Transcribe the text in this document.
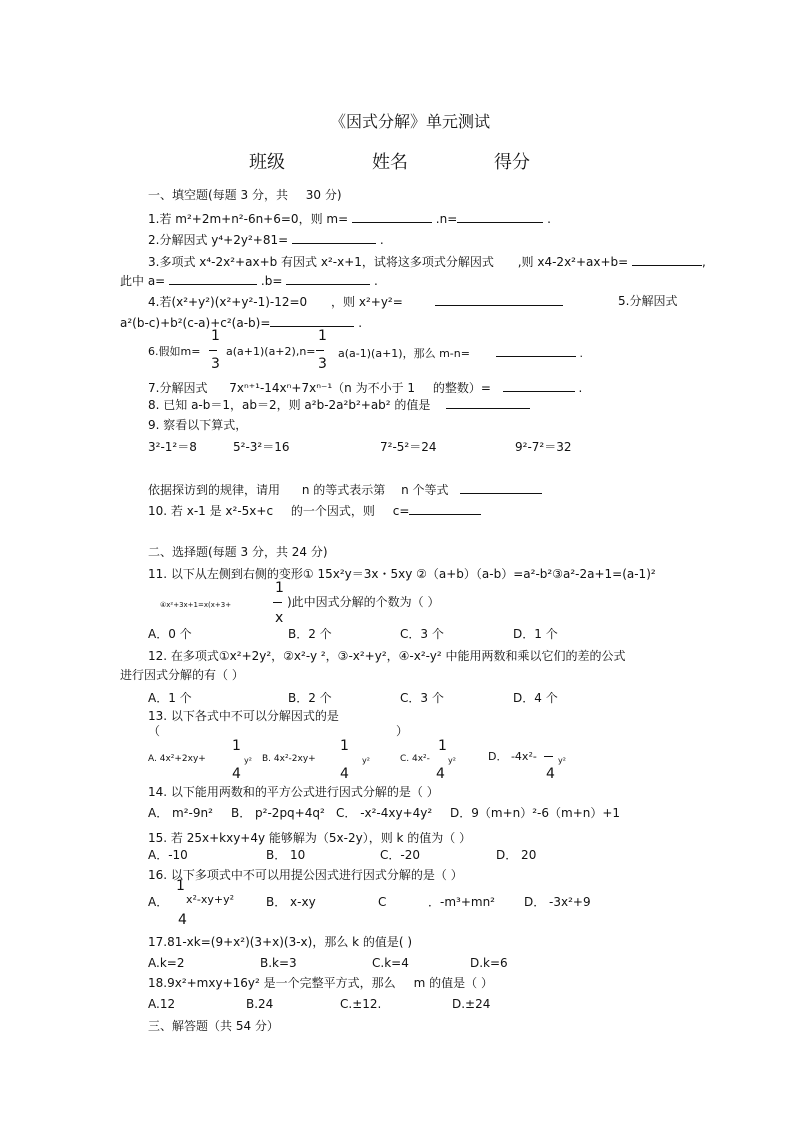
《因式分解》单元测试
班级	姓名	得分
一、填空题(每题 3 分，共 30 分)
1.若 m²+2m+n²-6n+6=0，则 m=	.n=	.
2.分解因式 y⁴+2y²+81=	.
3.多项式 x⁴-2x²+ax+b 有因式 x²-x+1，试将这多项式分解因式 ,则 x4-2x²+ax+b=	,
此中 a=	.b=	.
4.若(x²+y²)(x²+y²-1)-12=0 ，则 x²+y²=	5.分解因式
a²(b-c)+b²(c-a)+c²(a-b)=	.
6.假如m=
1
3
a(a+1)(a+2),n=
1
3
a(a-1)(a+1)，那么 m-n=	.
7.分解因式 7xⁿ⁺¹-14xⁿ+7xⁿ⁻¹（n 为不小于 1 的整数）=	.
8. 已知 a-b＝1，ab＝2，则 a²b-2a²b²+ab² 的值是
9. 察看以下算式，
3²-1²＝8	5²-3²＝16	7²-5²＝24	9²-7²＝32
依据探访到的规律，请用 n 的等式表示第 n 个等式
10. 若 x-1 是 x²-5x+c 的一个因式，则 c=
二、选择题(每题 3 分，共 24 分)
11. 以下从左侧到右侧的变形① 15x²y＝3x・5xy ②（a+b）（a-b）=a²-b²③a²-2a+1=(a-1)²
④x²+3x+1=x(x+3+
1
x
)此中因式分解的个数为（ ）
A．0 个	B．2 个	C．3 个	D．1 个
12. 在多项式①x²+2y²，②x²-y ²，③-x²+y²，④-x²-y² 中能用两数和乘以它们的差的公式
进行因式分解的有（ ）
A．1 个	B．2 个	C．3 个	D．4 个
13. 以下各式中不可以分解因式的是
（	）
A. 4x²+2xy+
1
4
y² B. 4x²-2xy+
1
4
y²	C. 4x²-
1
4
y²	D． -4x²-
4
y²
14. 以下能用两数和的平方公式进行因式分解的是（ ）
A． m²-9n² B． p²-2pq+4q² C． -x²-4xy+4y² D．9（m+n）²-6（m+n）+1
15. 若 25x+kxy+4y 能够解为（5x-2y），则 k 的值为（ ）
A．-10	B． 10	C．-20	D． 20
16. 以下多项式中不可以用提公因式进行因式分解的是（ ）
A．
1
4
x²-xy+y²	B． x-xy	C	．-m³+mn² D． -3x²+9
17.81-xk=(9+x²)(3+x)(3-x)，那么 k 的值是( )
A.k=2	B.k=3	C.k=4	D.k=6
18.9x²+mxy+16y² 是一个完整平方式，那么 m 的值是（ ）
A.12	B.24	C.±12.	D.±24
三、解答题（共 54 分）
